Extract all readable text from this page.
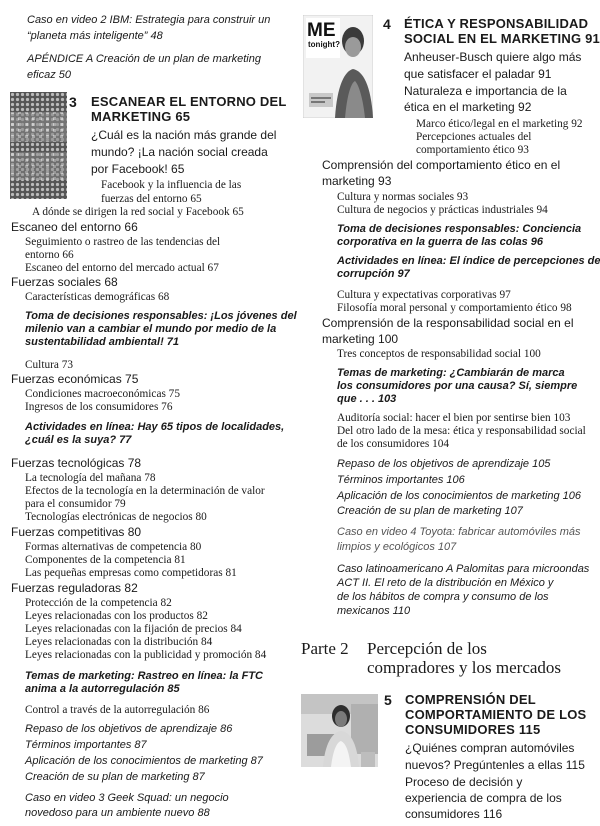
Caso en video 2 IBM: Estrategia para construir un
“planeta más inteligente” 48
APÉNDICE A Creación de un plan de marketing
eficaz 50
3 ESCANEAR EL ENTORNO DEL
MARKETING 65
¿Cuál es la nación más grande del
mundo? ¡La nación social creada
por Facebook! 65
Facebook y la influencia de las
fuerzas del entorno 65
A dónde se dirigen la red social y Facebook 65
Escaneo del entorno 66
Seguimiento o rastreo de las tendencias del
entorno 66
Escaneo del entorno del mercado actual 67
Fuerzas sociales 68
Características demográficas 68
Toma de decisiones responsables: ¡Los jóvenes del
milenio van a cambiar el mundo por medio de la
sustentabilidad ambiental! 71
Cultura 73
Fuerzas económicas 75
Condiciones macroeconómicas 75
Ingresos de los consumidores 76
Actividades en línea: Hay 65 tipos de localidades,
¿cuál es la suya? 77
Fuerzas tecnológicas 78
La tecnología del mañana 78
Efectos de la tecnología en la determinación de valor
para el consumidor 79
Tecnologías electrónicas de negocios 80
Fuerzas competitivas 80
Formas alternativas de competencia 80
Componentes de la competencia 81
Las pequeñas empresas como competidoras 81
Fuerzas reguladoras 82
Protección de la competencia 82
Leyes relacionadas con los productos 82
Leyes relacionadas con la fijación de precios 84
Leyes relacionadas con la distribución 84
Leyes relacionadas con la publicidad y promoción 84
Temas de marketing: Rastreo en línea: la FTC
anima a la autorregulación 85
Control a través de la autorregulación 86
Repaso de los objetivos de aprendizaje 86
Términos importantes 87
Aplicación de los conocimientos de marketing 87
Creación de su plan de marketing 87
Caso en video 3 Geek Squad: un negocio
novedoso para un ambiente nuevo 88
ME
tonight?
4 ÉTICA Y RESPONSABILIDAD
SOCIAL EN EL MARKETING 91
Anheuser-Busch quiere algo más
que satisfacer el paladar 91
Naturaleza e importancia de la
ética en el marketing 92
Marco ético/legal en el marketing 92
Percepciones actuales del
comportamiento ético 93
Comprensión del comportamiento ético en el
marketing 93
Cultura y normas sociales 93
Cultura de negocios y prácticas industriales 94
Toma de decisiones responsables: Conciencia
corporativa en la guerra de las colas 96
Actividades en línea: El índice de percepciones de
corrupción 97
Cultura y expectativas corporativas 97
Filosofía moral personal y comportamiento ético 98
Comprensión de la responsabilidad social en el
marketing 100
Tres conceptos de responsabilidad social 100
Temas de marketing: ¿Cambiarán de marca
los consumidores por una causa? Sí, siempre
que . . . 103
Auditoría social: hacer el bien por sentirse bien 103
Del otro lado de la mesa: ética y responsabilidad social
de los consumidores 104
Repaso de los objetivos de aprendizaje 105
Términos importantes 106
Aplicación de los conocimientos de marketing 106
Creación de su plan de marketing 107
Caso en video 4 Toyota: fabricar automóviles más
limpios y ecológicos 107
Caso latinoamericano A Palomitas para microondas
ACT II. El reto de la distribución en México y
de los hábitos de compra y consumo de los
mexicanos 110
Parte 2 Percepción de los
compradores y los mercados
5 COMPRENSIÓN DEL
COMPORTAMIENTO DE LOS
CONSUMIDORES 115
¿Quiénes compran automóviles
nuevos? Pregúntenles a ellas 115
Proceso de decisión y
experiencia de compra de los
consumidores 116
